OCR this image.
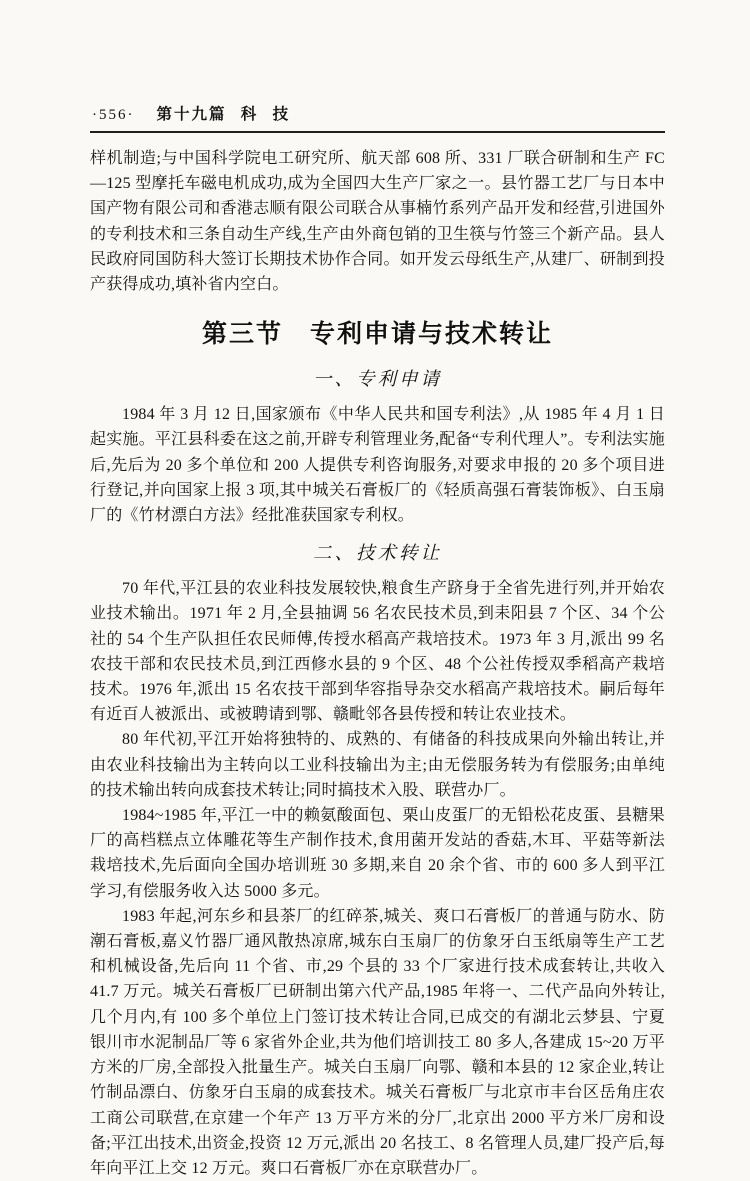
·556· 第十九篇 科 技

样机制造;与中国科学院电工研究所、航天部 608 所、331 厂联合研制和生产 FC—125 型摩托车磁电机成功,成为全国四大生产厂家之一。县竹器工艺厂与日本中国产物有限公司和香港志顺有限公司联合从事楠竹系列产品开发和经营,引进国外的专利技术和三条自动生产线,生产由外商包销的卫生筷与竹签三个新产品。县人民政府同国防科大签订长期技术协作合同。如开发云母纸生产,从建厂、研制到投产获得成功,填补省内空白。

第三节　专利申请与技术转让
一、专利申请

1984 年 3 月 12 日,国家颁布《中华人民共和国专利法》,从 1985 年 4 月 1 日起实施。平江县科委在这之前,开辟专利管理业务,配备“专利代理人”。专利法实施后,先后为 20 多个单位和 200 人提供专利咨询服务,对要求申报的 20 多个项目进行登记,并向国家上报 3 项,其中城关石膏板厂的《轻质高强石膏装饰板》、白玉扇厂的《竹材漂白方法》经批准获国家专利权。

二、技术转让

70 年代,平江县的农业科技发展较快,粮食生产跻身于全省先进行列,并开始农业技术输出。1971 年 2 月,全县抽调 56 名农民技术员,到耒阳县 7 个区、34 个公社的 54 个生产队担任农民师傅,传授水稻高产栽培技术。1973 年 3 月,派出 99 名农技干部和农民技术员,到江西修水县的 9 个区、48 个公社传授双季稻高产栽培技术。1976 年,派出 15 名农技干部到华容指导杂交水稻高产栽培技术。嗣后每年有近百人被派出、或被聘请到鄂、赣毗邻各县传授和转让农业技术。

80 年代初,平江开始将独特的、成熟的、有储备的科技成果向外输出转让,并由农业科技输出为主转向以工业科技输出为主;由无偿服务转为有偿服务;由单纯的技术输出转向成套技术转让;同时搞技术入股、联营办厂。

1984~1985 年,平江一中的赖氨酸面包、栗山皮蛋厂的无铅松花皮蛋、县糖果厂的高档糕点立体雕花等生产制作技术,食用菌开发站的香菇,木耳、平菇等新法栽培技术,先后面向全国办培训班 30 多期,来自 20 余个省、市的 600 多人到平江学习,有偿服务收入达 5000 多元。

1983 年起,河东乡和县茶厂的红碎茶,城关、爽口石膏板厂的普通与防水、防潮石膏板,嘉义竹器厂通风散热凉席,城东白玉扇厂的仿象牙白玉纸扇等生产工艺和机械设备,先后向 11 个省、市,29 个县的 33 个厂家进行技术成套转让,共收入 41.7 万元。城关石膏板厂已研制出第六代产品,1985 年将一、二代产品向外转让,几个月内,有 100 多个单位上门签订技术转让合同,已成交的有湖北云梦县、宁夏银川市水泥制品厂等 6 家省外企业,共为他们培训技工 80 多人,各建成 15~20 万平方米的厂房,全部投入批量生产。城关白玉扇厂向鄂、赣和本县的 12 家企业,转让竹制品漂白、仿象牙白玉扇的成套技术。城关石膏板厂与北京市丰台区岳角庄农工商公司联营,在京建一个年产 13 万平方米的分厂,北京出 2000 平方米厂房和设备;平江出技术,出资金,投资 12 万元,派出 20 名技工、8 名管理人员,建厂投产后,每年向平江上交 12 万元。爽口石膏板厂亦在京联营办厂。
